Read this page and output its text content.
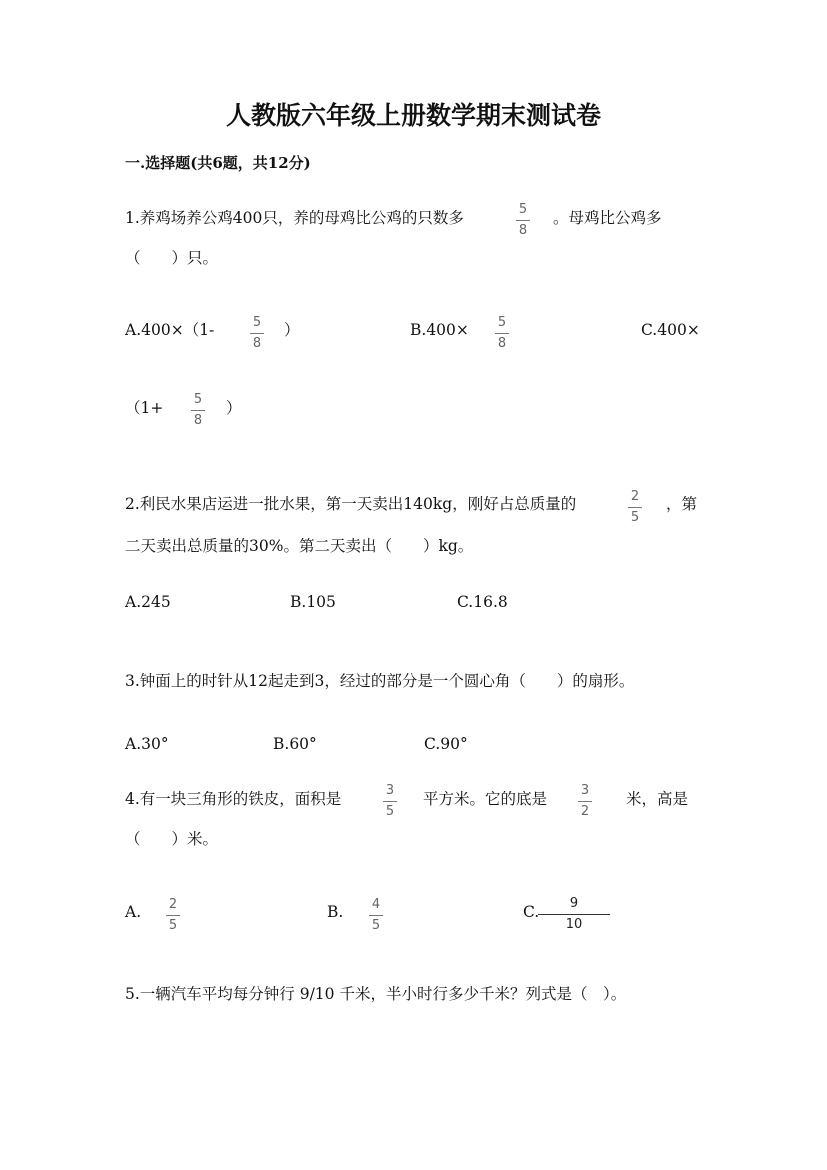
人教版六年级上册数学期末测试卷
一.选择题(共6题，共12分)
1.养鸡场养公鸡400只，养的母鸡比公鸡的只数多	5
8
。母鸡比公鸡多
（　　）只。
A.400×（1-	5
8
）	B.400× 5
8
C.400×
（1+ 5
8
）
2.利民水果店运进一批水果，第一天卖出140kg，刚好占总质量的	2
5
，第
二天卖出总质量的30%。第二天卖出（　　）kg。
A.245	B.105	C.16.8
3.钟面上的时针从12起走到3，经过的部分是一个圆心角（　　）的扇形。
A.30°	B.60°	C.90°
4.有一块三角形的铁皮，面积是	3
5
平方米。它的底是	3
2
米，高是
（　　）米。
A. 2
5
B. 4
5
C.	9
10
5.一辆汽车平均每分钟行 9/10 千米，半小时行多少千米？列式是（　）。
